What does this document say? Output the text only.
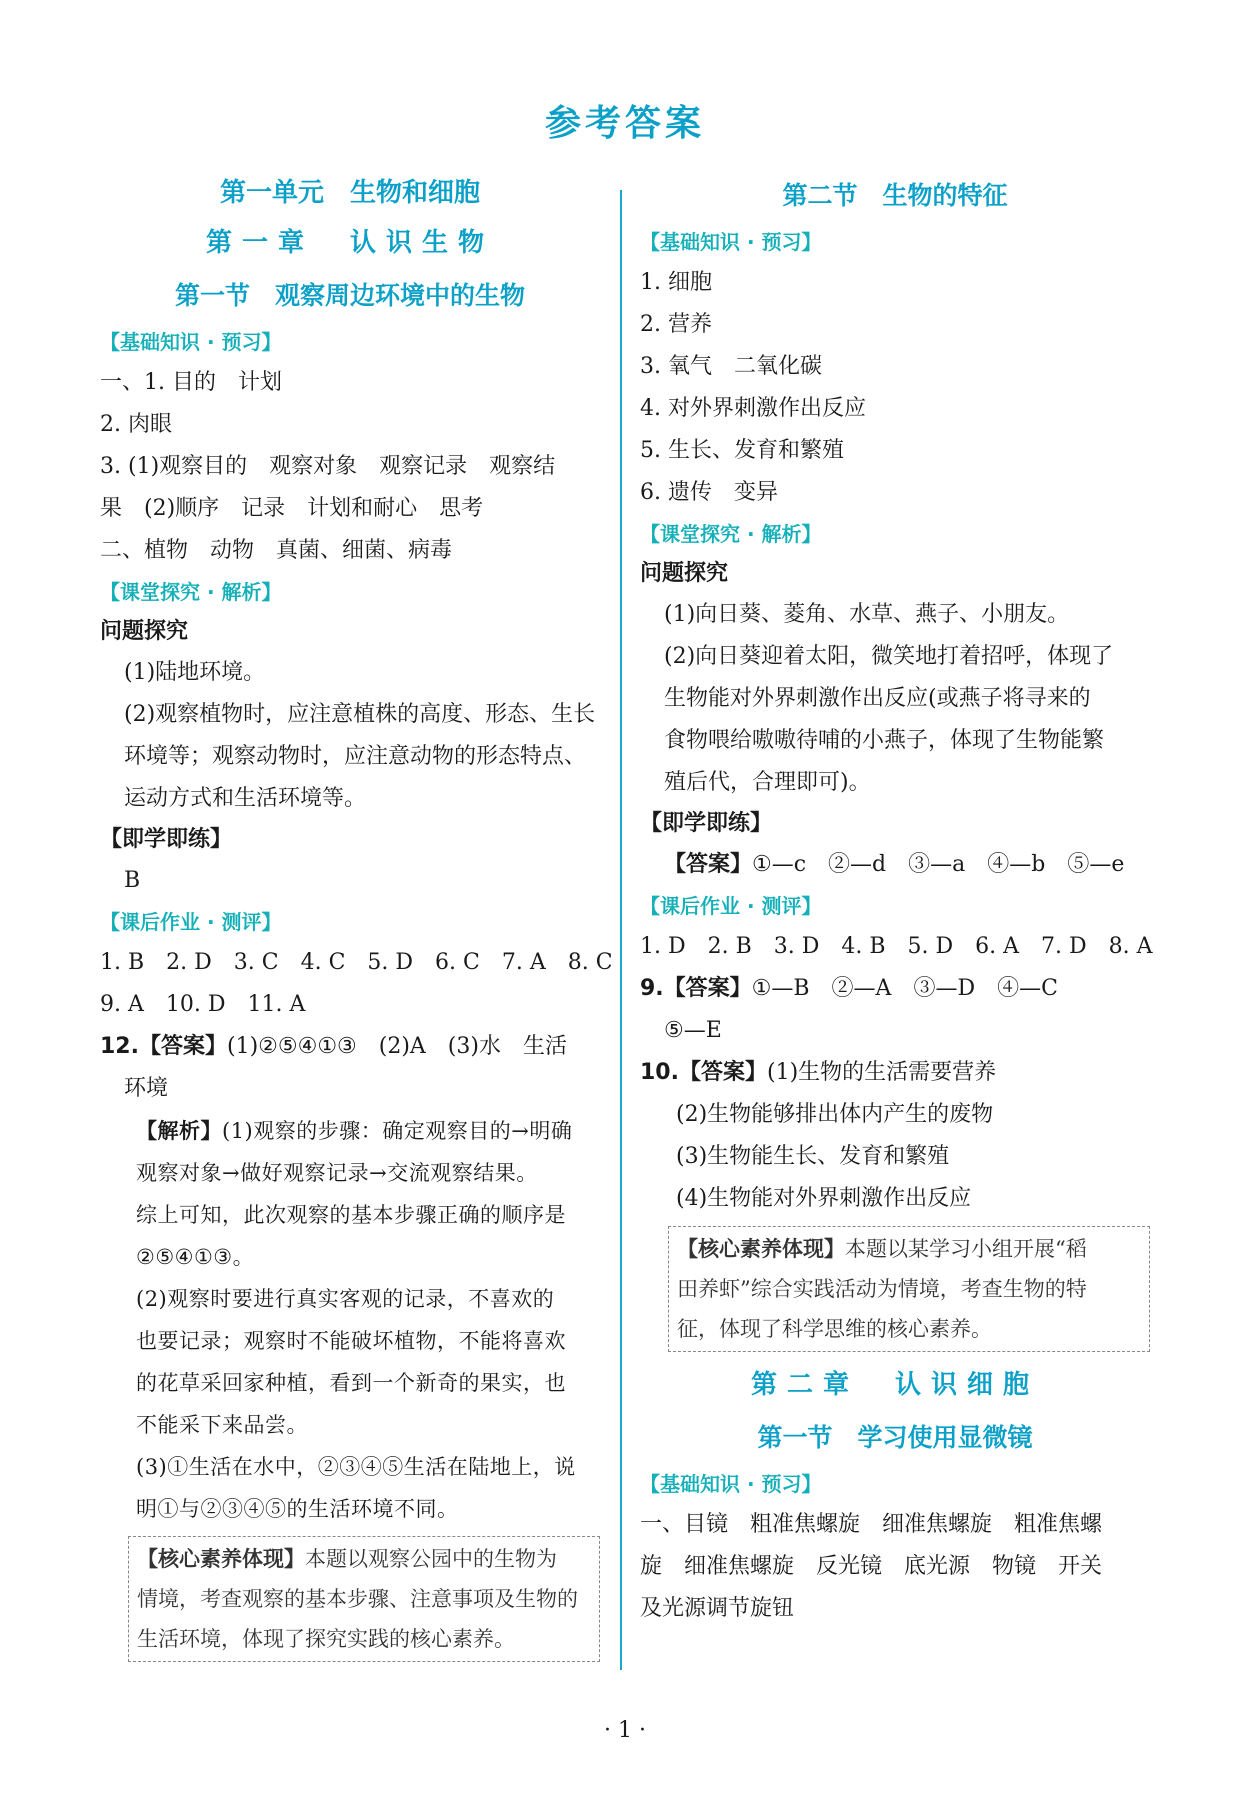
参考答案
第一单元　生物和细胞
第一章　认识生物
第一节　观察周边环境中的生物
【基础知识 · 预习】
一、1. 目的　计划
2. 肉眼
3. (1)观察目的　观察对象　观察记录　观察结
果　(2)顺序　记录　计划和耐心　思考
二、植物　动物　真菌、细菌、病毒
【课堂探究 · 解析】
问题探究
(1)陆地环境。
(2)观察植物时，应注意植株的高度、形态、生长
环境等；观察动物时，应注意动物的形态特点、
运动方式和生活环境等。
【即学即练】
B
【课后作业 · 测评】
1. B　2. D　3. C　4. C　5. D　6. C　7. A　8. C
9. A　10. D　11. A
12.【答案】(1)②⑤④①③　(2)A　(3)水　生活
环境
【解析】(1)观察的步骤：确定观察目的→明确
观察对象→做好观察记录→交流观察结果。
综上可知，此次观察的基本步骤正确的顺序是
②⑤④①③。
(2)观察时要进行真实客观的记录，不喜欢的
也要记录；观察时不能破坏植物，不能将喜欢
的花草采回家种植，看到一个新奇的果实，也
不能采下来品尝。
(3)①生活在水中，②③④⑤生活在陆地上，说
明①与②③④⑤的生活环境不同。
【核心素养体现】本题以观察公园中的生物为
情境，考查观察的基本步骤、注意事项及生物的
生活环境，体现了探究实践的核心素养。
第二节　生物的特征
【基础知识 · 预习】
1. 细胞
2. 营养
3. 氧气　二氧化碳
4. 对外界刺激作出反应
5. 生长、发育和繁殖
6. 遗传　变异
【课堂探究 · 解析】
问题探究
(1)向日葵、菱角、水草、燕子、小朋友。
(2)向日葵迎着太阳，微笑地打着招呼，体现了
生物能对外界刺激作出反应(或燕子将寻来的
食物喂给嗷嗷待哺的小燕子，体现了生物能繁
殖后代，合理即可)。
【即学即练】
【答案】①—c　②—d　③—a　④—b　⑤—e
【课后作业 · 测评】
1. D　2. B　3. D　4. B　5. D　6. A　7. D　8. A
9.【答案】①—B　②—A　③—D　④—C
⑤—E
10.【答案】(1)生物的生活需要营养
(2)生物能够排出体内产生的废物
(3)生物能生长、发育和繁殖
(4)生物能对外界刺激作出反应
【核心素养体现】本题以某学习小组开展“稻
田养虾”综合实践活动为情境，考查生物的特
征，体现了科学思维的核心素养。
第二章　认识细胞
第一节　学习使用显微镜
【基础知识 · 预习】
一、目镜　粗准焦螺旋　细准焦螺旋　粗准焦螺
旋　细准焦螺旋　反光镜　底光源　物镜　开关
及光源调节旋钮
· 1 ·
